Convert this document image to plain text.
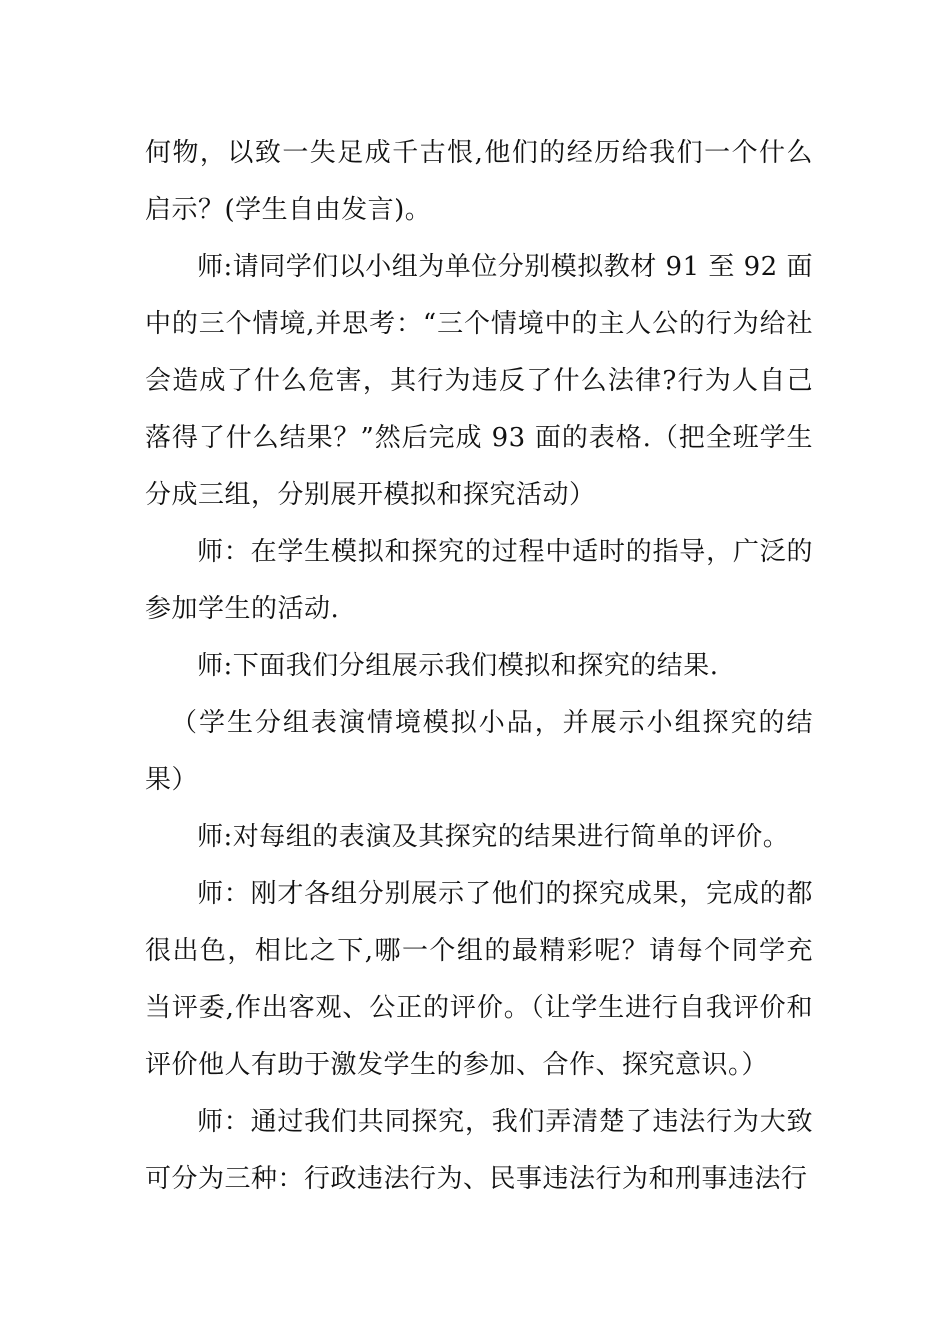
何物，以致一失足成千古恨,他们的经历给我们一个什么启示？(学生自由发言)。

师:请同学们以小组为单位分别模拟教材 91 至 92 面中的三个情境,并思考：“三个情境中的主人公的行为给社会造成了什么危害，其行为违反了什么法律?行为人自己落得了什么结果？”然后完成 93 面的表格.（把全班学生分成三组，分别展开模拟和探究活动）

师：在学生模拟和探究的过程中适时的指导，广泛的参加学生的活动.

师:下面我们分组展示我们模拟和探究的结果.

（学生分组表演情境模拟小品，并展示小组探究的结果）

师:对每组的表演及其探究的结果进行简单的评价。

师：刚才各组分别展示了他们的探究成果，完成的都很出色，相比之下,哪一个组的最精彩呢？请每个同学充当评委,作出客观、公正的评价。（让学生进行自我评价和评价他人有助于激发学生的参加、合作、探究意识。）

师：通过我们共同探究，我们弄清楚了违法行为大致可分为三种：行政违法行为、民事违法行为和刑事违法行
